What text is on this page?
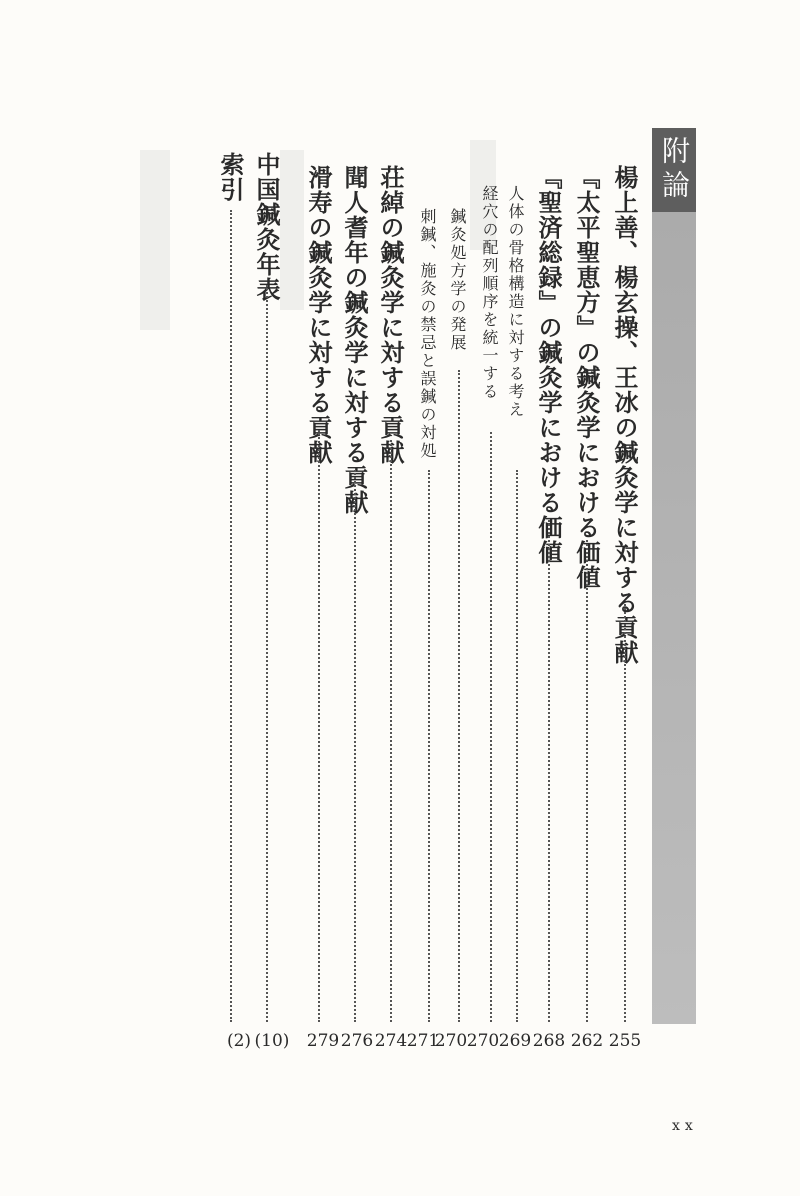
附論
楊上善、楊玄操、王冰の鍼灸学に対する貢献
255
『太平聖恵方』の鍼灸学における価値
262
『聖済総録』の鍼灸学における価値
268
人体の骨格構造に対する考え
269
経穴の配列順序を統一する
270
鍼灸処方学の発展
270
刺鍼、施灸の禁忌と誤鍼の対処
271
荘綽の鍼灸学に対する貢献
274
聞人耆年の鍼灸学に対する貢献
276
滑寿の鍼灸学に対する貢献
279
中国鍼灸年表
(10)
索引
(2)
xx
